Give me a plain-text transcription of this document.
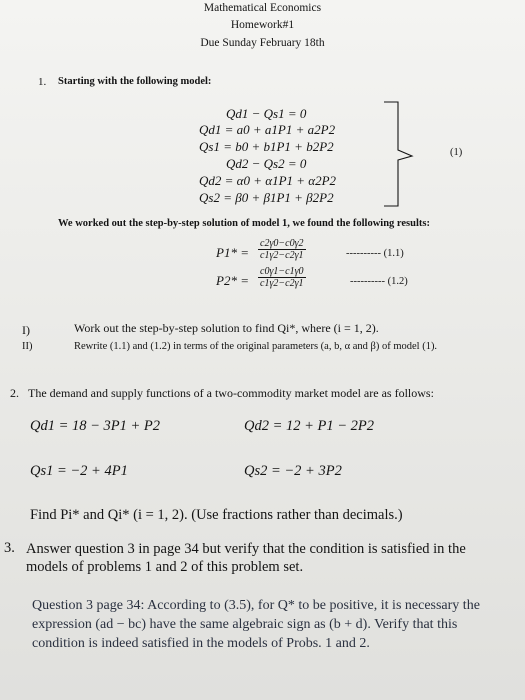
Mathematical Economics
Homework#1
Due Sunday February 18th
1. Starting with the following model:
Qd1 − Qs1 = 0
Qd1 = a0 + a1P1 + a2P2
Qs1 = b0 + b1P1 + b2P2
Qd2 − Qs2 = 0
Qd2 = α0 + α1P1 + α2P2
Qs2 = β0 + β1P1 + β2P2
(1)
We worked out the step-by-step solution of model 1, we found the following results:
$P1* = \frac{c2\gamma 0-c0\gamma 2}{c1\gamma 2-c2\gamma 1}$	---------- (1.1)
$P2* = \frac{c0\gamma 1-c1\gamma 0}{c1\gamma 2-c2\gamma 1}$	---------- (1.2)
I)	Work out the step-by-step solution to find Qi*, where (i = 1, 2).
II)	Rewrite (1.1) and (1.2) in terms of the original parameters (a, b, α and β) of model (1).
2. The demand and supply functions of a two-commodity market model are as follows:
Qd1 = 18 − 3P1 + P2	Qd2 = 12 + P1 − 2P2
Qs1 = −2 + 4P1	Qs2 = −2 + 3P2
Find Pi* and Qi* (i = 1, 2). (Use fractions rather than decimals.)
3. Answer question 3 in page 34 but verify that the condition is satisfied in the models of problems 1 and 2 of this problem set.
Question 3 page 34: According to (3.5), for Q* to be positive, it is necessary the expression (ad − bc) have the same algebraic sign as (b + d). Verify that this condition is indeed satisfied in the models of Probs. 1 and 2.
